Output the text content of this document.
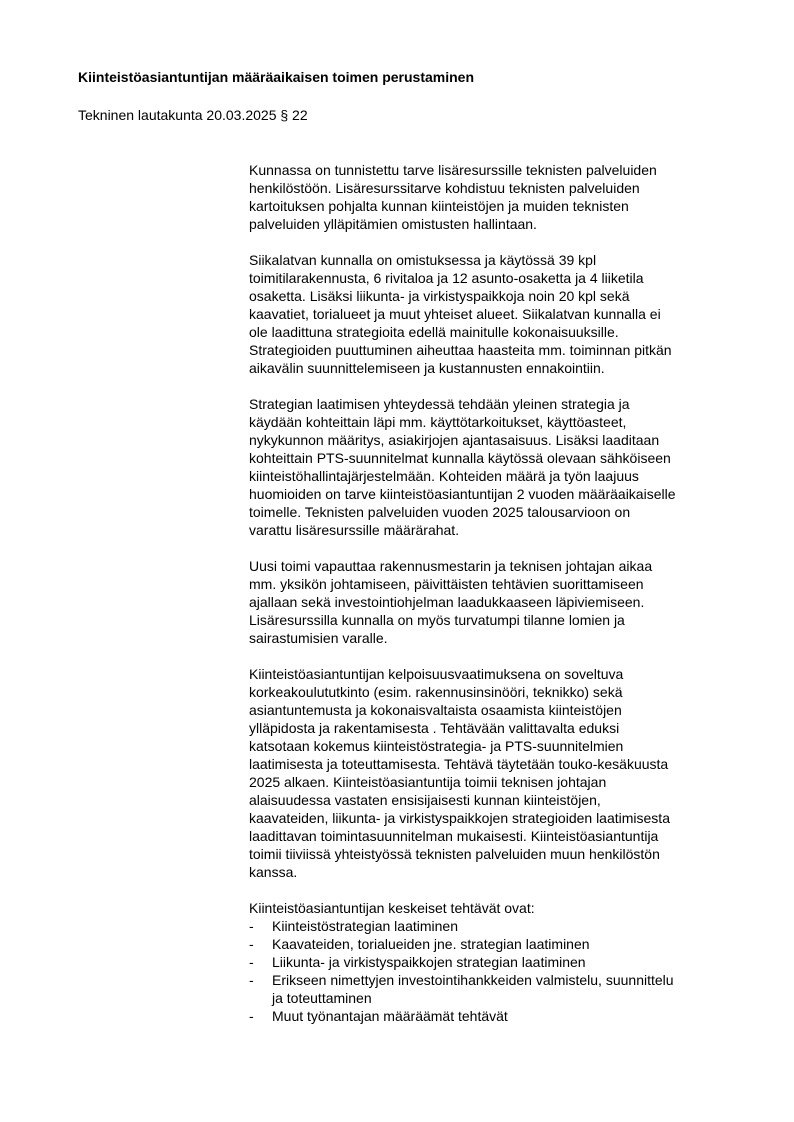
Kiinteistöasiantuntijan määräaikaisen toimen perustaminen

Tekninen lautakunta 20.03.2025 § 22

Kunnassa on tunnistettu tarve lisäresurssille teknisten palveluiden
henkilöstöön. Lisäresurssitarve kohdistuu teknisten palveluiden
kartoituksen pohjalta kunnan kiinteistöjen ja muiden teknisten
palveluiden ylläpitämien omistusten hallintaan.
Siikalatvan kunnalla on omistuksessa ja käytössä 39 kpl
toimitilarakennusta, 6 rivitaloa ja 12 asunto-osaketta ja 4 liiketila
osaketta. Lisäksi liikunta- ja virkistyspaikkoja noin 20 kpl sekä
kaavatiet, torialueet ja muut yhteiset alueet. Siikalatvan kunnalla ei
ole laadittuna strategioita edellä mainitulle kokonaisuuksille.
Strategioiden puuttuminen aiheuttaa haasteita mm. toiminnan pitkän
aikavälin suunnittelemiseen ja kustannusten ennakointiin.
Strategian laatimisen yhteydessä tehdään yleinen strategia ja
käydään kohteittain läpi mm. käyttötarkoitukset, käyttöasteet,
nykykunnon määritys, asiakirjojen ajantasaisuus. Lisäksi laaditaan
kohteittain PTS-suunnitelmat kunnalla käytössä olevaan sähköiseen
kiinteistöhallintajärjestelmään. Kohteiden määrä ja työn laajuus
huomioiden on tarve kiinteistöasiantuntijan 2 vuoden määräaikaiselle
toimelle. Teknisten palveluiden vuoden 2025 talousarvioon on
varattu lisäresurssille määrärahat.
Uusi toimi vapauttaa rakennusmestarin ja teknisen johtajan aikaa
mm. yksikön johtamiseen, päivittäisten tehtävien suorittamiseen
ajallaan sekä investointiohjelman laadukkaaseen läpiviemiseen.
Lisäresurssilla kunnalla on myös turvatumpi tilanne lomien ja
sairastumisien varalle.
Kiinteistöasiantuntijan kelpoisuusvaatimuksena on soveltuva
korkeakoulututkinto (esim. rakennusinsinööri, teknikko) sekä
asiantuntemusta ja kokonaisvaltaista osaamista kiinteistöjen
ylläpidosta ja rakentamisesta . Tehtävään valittavalta eduksi
katsotaan kokemus kiinteistöstrategia- ja PTS-suunnitelmien
laatimisesta ja toteuttamisesta. Tehtävä täytetään touko-kesäkuusta
2025 alkaen. Kiinteistöasiantuntija toimii teknisen johtajan
alaisuudessa vastaten ensisijaisesti kunnan kiinteistöjen,
kaavateiden, liikunta- ja virkistyspaikkojen strategioiden laatimisesta
laadittavan toimintasuunnitelman mukaisesti. Kiinteistöasiantuntija
toimii tiiviissä yhteistyössä teknisten palveluiden muun henkilöstön
kanssa.

Kiinteistöasiantuntijan keskeiset tehtävät ovat:

- Kiinteistöstrategian laatiminen
- Kaavateiden, torialueiden jne. strategian laatiminen
- Liikunta- ja virkistyspaikkojen strategian laatiminen
- Erikseen nimettyjen investointihankkeiden valmistelu, suunnittelu
ja toteuttaminen
- Muut työnantajan määräämät tehtävät
